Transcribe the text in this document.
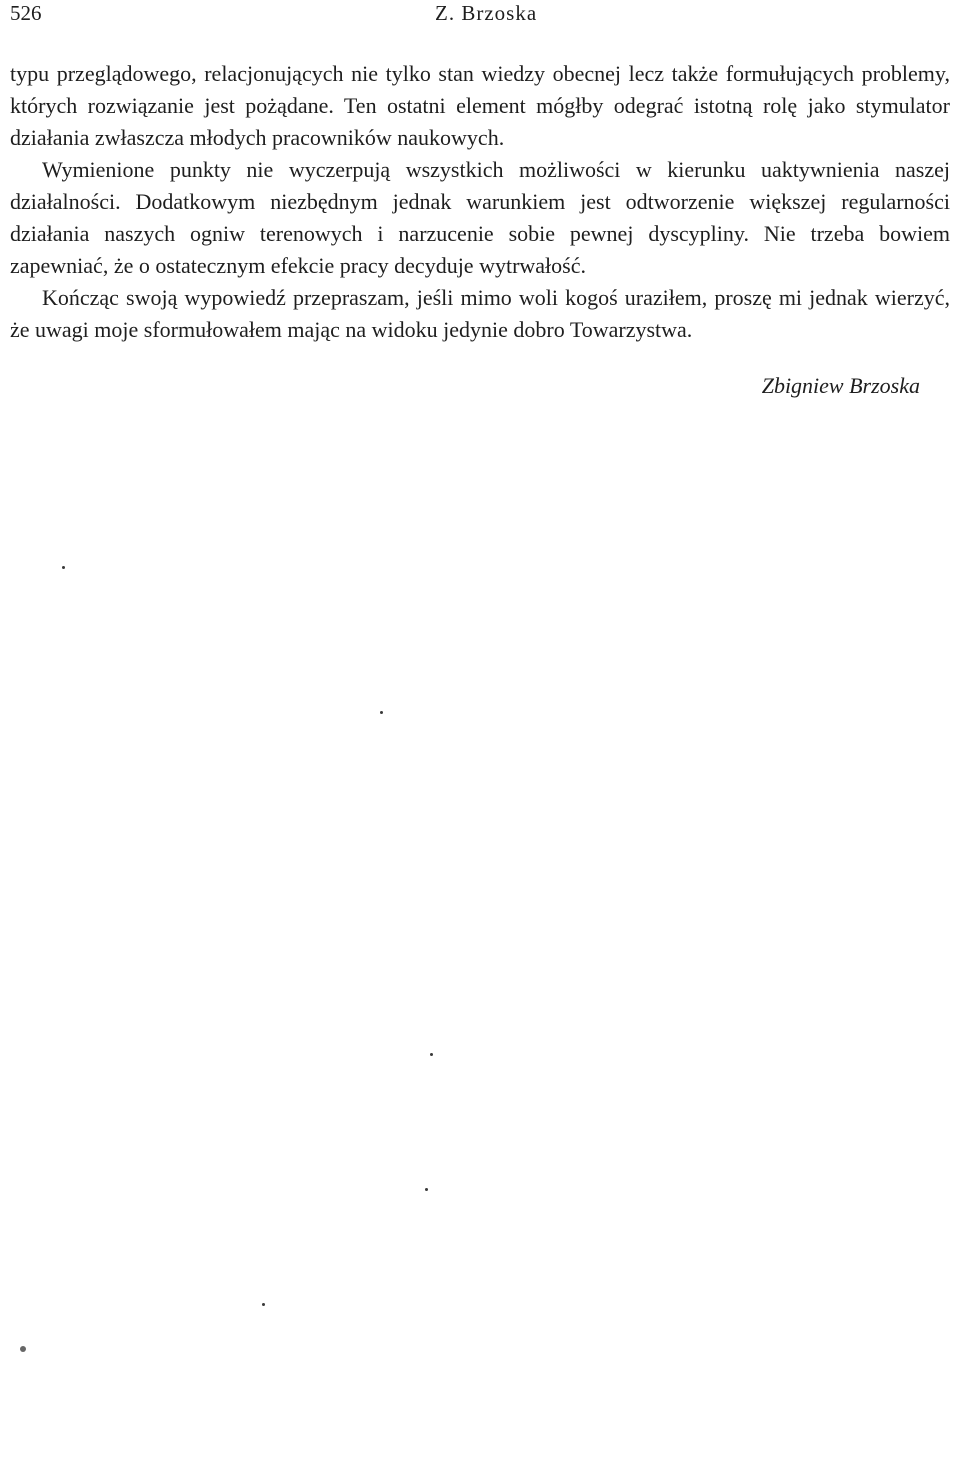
526	Z. Brzoska

typu przeglądowego, relacjonujących nie tylko stan wiedzy obecnej lecz także formułujących problemy, których rozwiązanie jest pożądane. Ten ostatni element mógłby odegrać istotną rolę jako stymulator działania zwłaszcza młodych pracowników naukowych.

Wymienione punkty nie wyczerpują wszystkich możliwości w kierunku uaktywnienia naszej działalności. Dodatkowym niezbędnym jednak warunkiem jest odtworzenie większej regularności działania naszych ogniw terenowych i narzucenie sobie pewnej dyscypliny. Nie trzeba bowiem zapewniać, że o ostatecznym efekcie pracy decyduje wytrwałość.

Kończąc swoją wypowiedź przepraszam, jeśli mimo woli kogoś uraziłem, proszę mi jednak wierzyć, że uwagi moje sformułowałem mając na widoku jedynie dobro Towarzystwa.

Zbigniew Brzoska
